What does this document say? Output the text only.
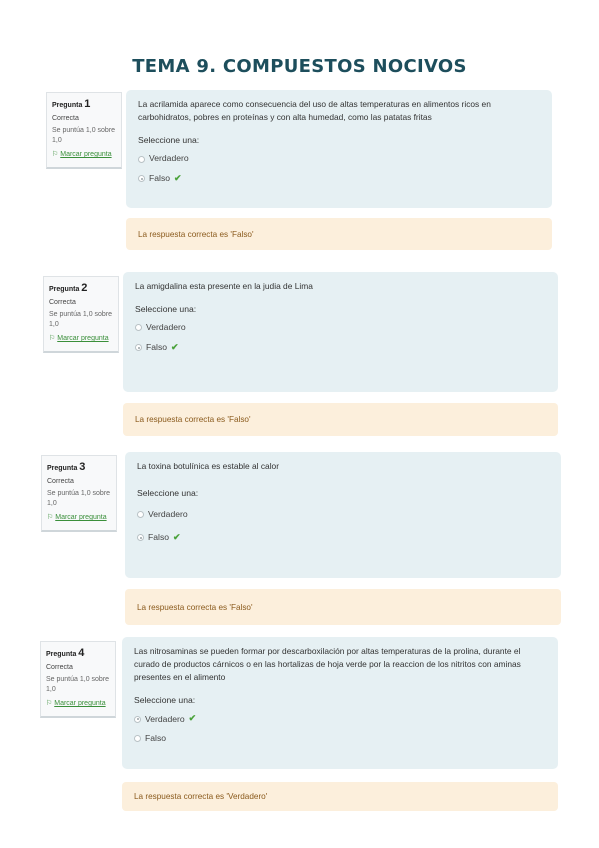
TEMA 9. COMPUESTOS NOCIVOS
Pregunta 1
Correcta
Se puntúa 1,0 sobre 1,0
⚐ Marcar pregunta
La acrilamida aparece como consecuencia del uso de altas temperaturas en alimentos ricos en carbohidratos, pobres en proteínas y con alta humedad, como las patatas fritas
Seleccione una:
Verdadero
Falso ✔
La respuesta correcta es 'Falso'
Pregunta 2
Correcta
Se puntúa 1,0 sobre 1,0
⚐ Marcar pregunta
La amigdalina esta presente en la judia de Lima
Seleccione una:
Verdadero
Falso ✔
La respuesta correcta es 'Falso'
Pregunta 3
Correcta
Se puntúa 1,0 sobre 1,0
⚐ Marcar pregunta
La toxina botulínica es estable al calor
Seleccione una:
Verdadero
Falso ✔
La respuesta correcta es 'Falso'
Pregunta 4
Correcta
Se puntúa 1,0 sobre 1,0
⚐ Marcar pregunta
Las nitrosaminas se pueden formar por descarboxilación por altas temperaturas de la prolina, durante el curado de productos cárnicos o en las hortalizas de hoja verde por la reaccion de los nitritos con aminas presentes en el alimento
Seleccione una:
Verdadero ✔
Falso
La respuesta correcta es 'Verdadero'
